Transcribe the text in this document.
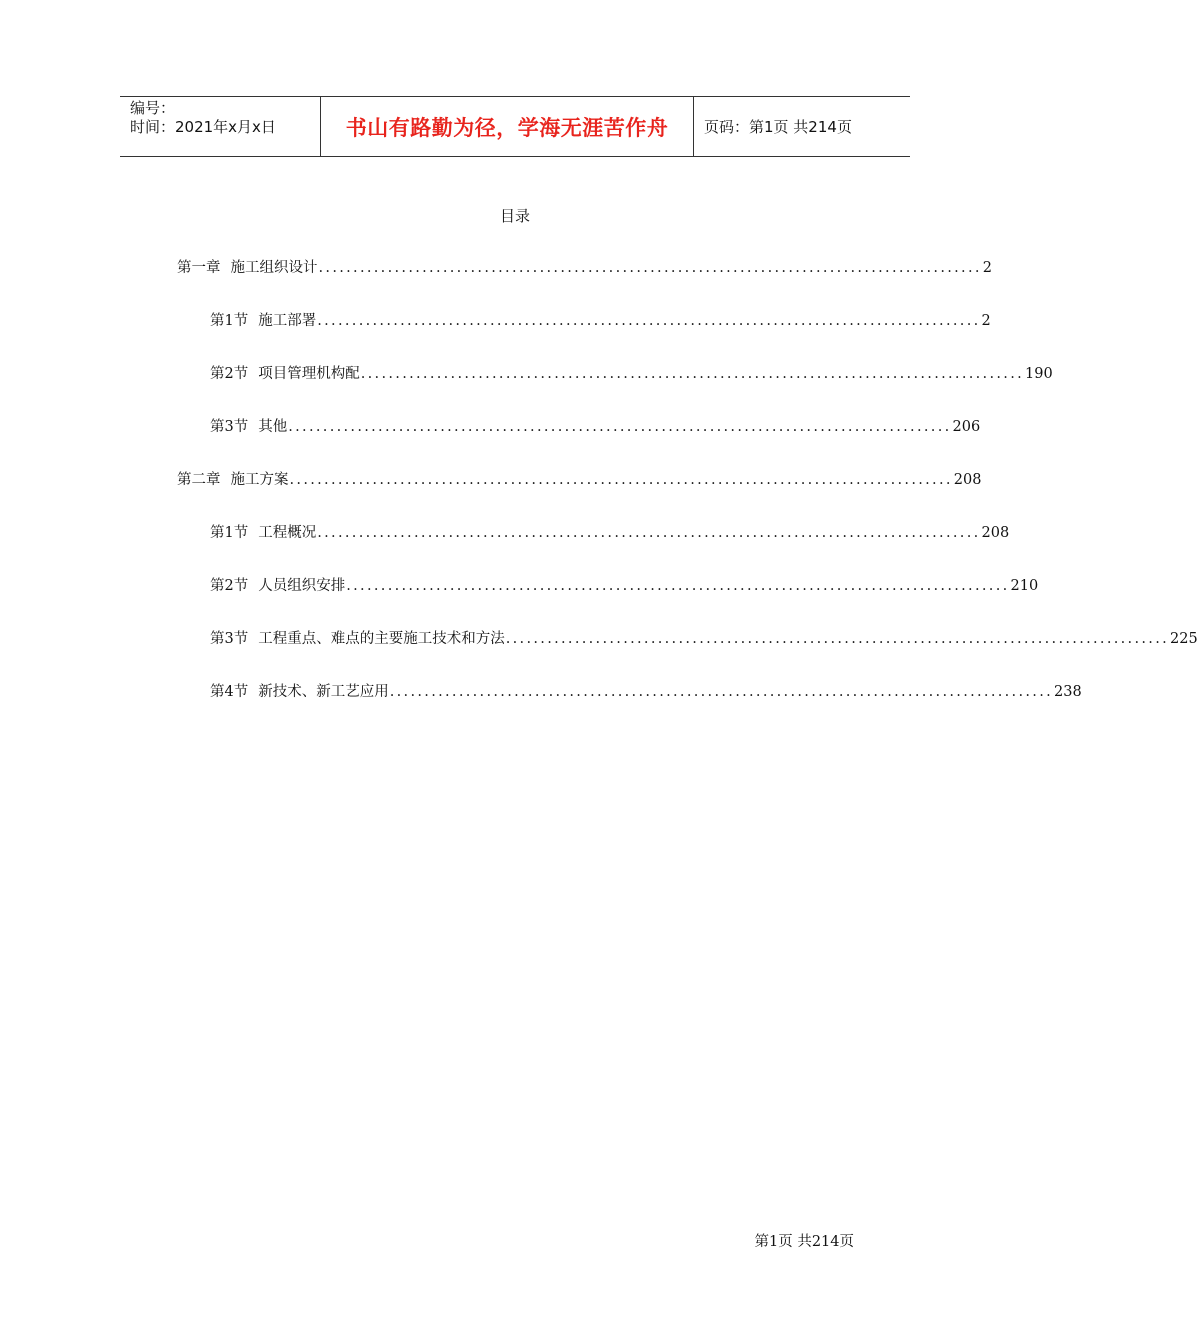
编号：
时间：2021年x月x日	书山有路勤为径，学海无涯苦作舟 页码：第1页 共214页
目录
第一章 施工组织设计 ................................................................................................ 2
第1节 施工部署 ................................................................................................ 2
第2节 项目管理机构配 ................................................................................................ 190
第3节 其他 ................................................................................................ 206
第二章 施工方案 ................................................................................................ 208
第1节 工程概况 ................................................................................................ 208
第2节 人员组织安排 ................................................................................................ 210
第3节 工程重点、难点的主要施工技术和方法 ................................................................................................ 225
第4节 新技术、新工艺应用 ................................................................................................ 238
第1页 共214页
